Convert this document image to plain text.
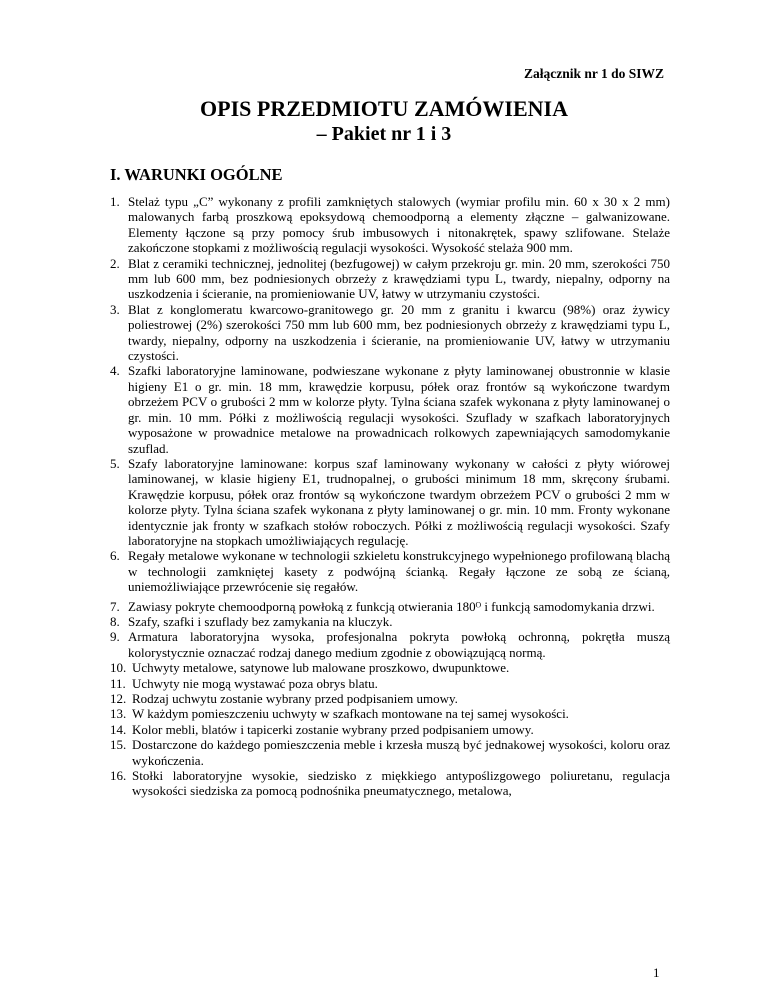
Załącznik nr 1 do SIWZ
OPIS PRZEDMIOTU ZAMÓWIENIA
– Pakiet nr 1 i 3
I. WARUNKI OGÓLNE
1. Stelaż typu „C” wykonany z profili zamkniętych stalowych (wymiar profilu min. 60 x 30 x 2 mm) malowanych farbą proszkową epoksydową chemoodporną a elementy złączne – galwanizowane. Elementy łączone są przy pomocy śrub imbusowych i nitonakrętek, spawy szlifowane. Stelaże zakończone stopkami z możliwością regulacji wysokości. Wysokość stelaża 900 mm.
2. Blat z ceramiki technicznej, jednolitej (bezfugowej) w całym przekroju gr. min. 20 mm, szerokości 750 mm lub 600 mm, bez podniesionych obrzeży z krawędziami typu L, twardy, niepalny, odporny na uszkodzenia i ścieranie, na promieniowanie UV, łatwy w utrzymaniu czystości.
3. Blat z konglomeratu kwarcowo-granitowego gr. 20 mm z granitu i kwarcu (98%) oraz żywicy poliestrowej (2%) szerokości 750 mm lub 600 mm, bez podniesionych obrzeży z krawędziami typu L, twardy, niepalny, odporny na uszkodzenia i ścieranie, na promieniowanie UV, łatwy w utrzymaniu czystości.
4. Szafki laboratoryjne laminowane, podwieszane wykonane z płyty laminowanej obustronnie w klasie higieny E1 o gr. min. 18 mm, krawędzie korpusu, półek oraz frontów są wykończone twardym obrzeżem PCV o grubości 2 mm w kolorze płyty. Tylna ściana szafek wykonana z płyty laminowanej o gr. min. 10 mm. Półki z możliwością regulacji wysokości. Szuflady w szafkach laboratoryjnych wyposażone w prowadnice metalowe na prowadnicach rolkowych zapewniających samodomykanie szuflad.
5. Szafy laboratoryjne laminowane: korpus szaf laminowany wykonany w całości z płyty wiórowej laminowanej, w klasie higieny E1, trudnopalnej, o grubości minimum 18 mm, skręcony śrubami. Krawędzie korpusu, półek oraz frontów są wykończone twardym obrzeżem PCV o grubości 2 mm w kolorze płyty. Tylna ściana szafek wykonana z płyty laminowanej o gr. min. 10 mm. Fronty wykonane identycznie jak fronty w szafkach stołów roboczych. Półki z możliwością regulacji wysokości. Szafy laboratoryjne na stopkach umożliwiających regulację.
6. Regały metalowe wykonane w technologii szkieletu konstrukcyjnego wypełnionego profilowaną blachą w technologii zamkniętej kasety z podwójną ścianką. Regały łączone ze sobą ze ścianą, uniemożliwiające przewrócenie się regałów.
7. Zawiasy pokryte chemoodporną powłoką z funkcją otwierania 180ᴼ i funkcją samodomykania drzwi.
8. Szafy, szafki i szuflady bez zamykania na kluczyk.
9. Armatura laboratoryjna wysoka, profesjonalna pokryta powłoką ochronną, pokrętła muszą kolorystycznie oznaczać rodzaj danego medium zgodnie z obowiązującą normą.
10. Uchwyty metalowe, satynowe lub malowane proszkowo, dwupunktowe.
11. Uchwyty nie mogą wystawać poza obrys blatu.
12. Rodzaj uchwytu zostanie wybrany przed podpisaniem umowy.
13. W każdym pomieszczeniu uchwyty w szafkach montowane na tej samej wysokości.
14. Kolor mebli, blatów i tapicerki zostanie wybrany przed podpisaniem umowy.
15. Dostarczone do każdego pomieszczenia meble i krzesła muszą być jednakowej wysokości, koloru oraz wykończenia.
16. Stołki laboratoryjne wysokie, siedzisko z miękkiego antypoślizgowego poliuretanu, regulacja wysokości siedziska za pomocą podnośnika pneumatycznego, metalowa,
1
